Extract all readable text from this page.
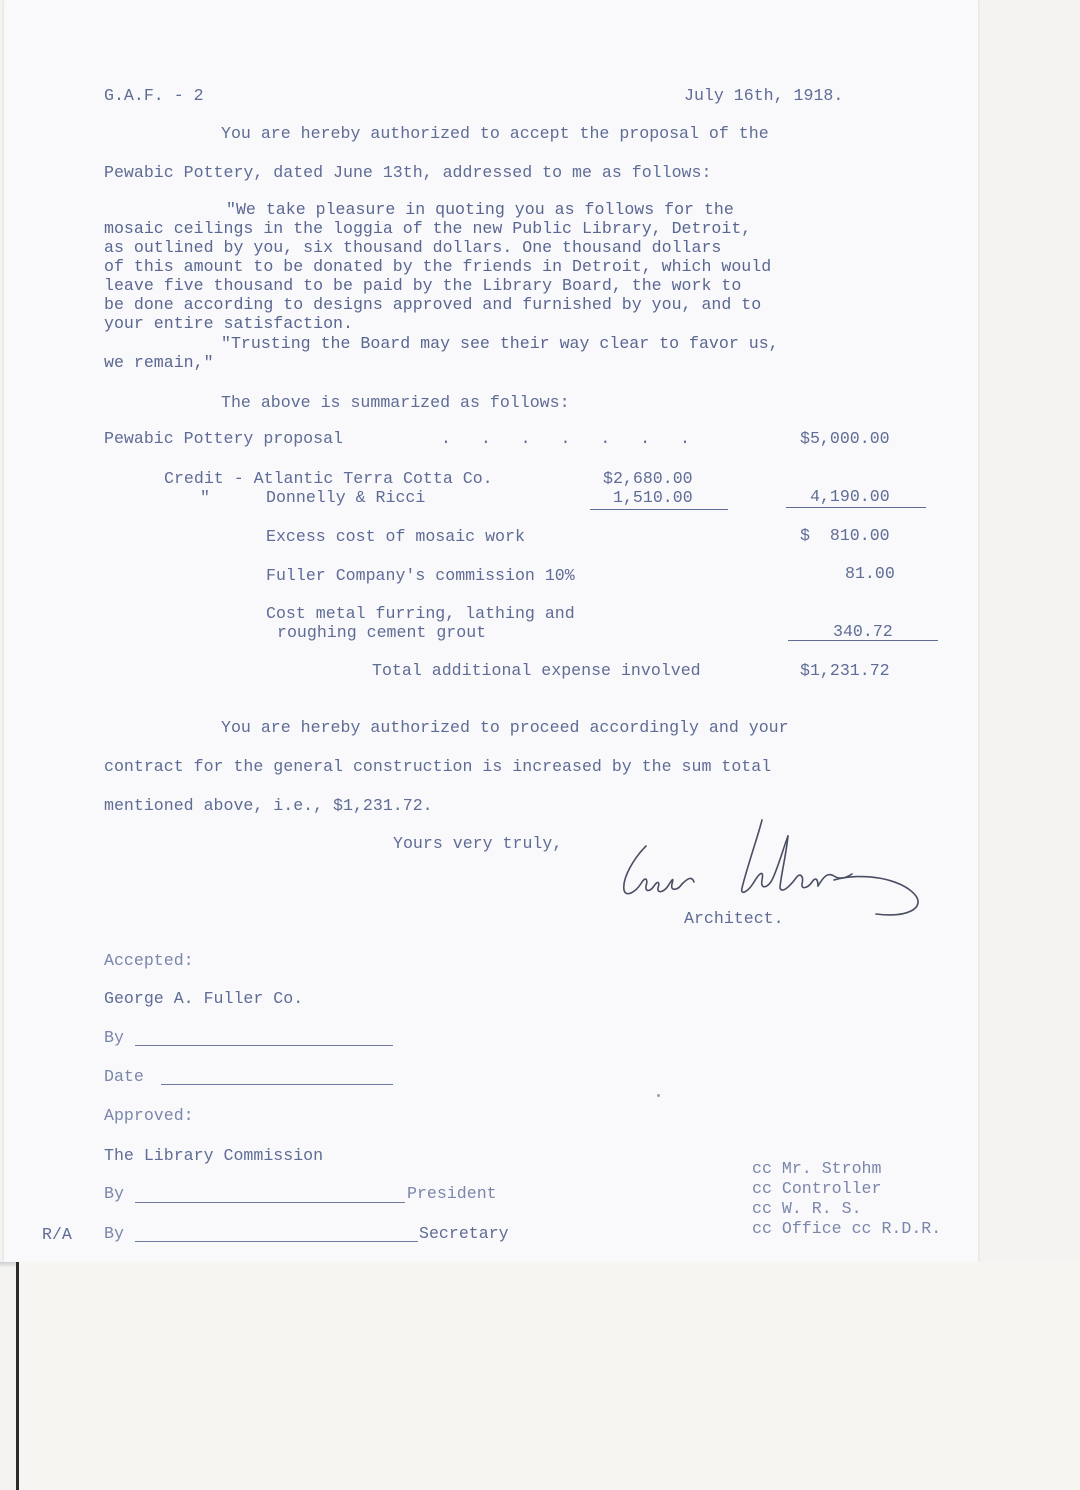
G.A.F. - 2	July 16th, 1918.

You are hereby authorized to accept the proposal of the

Pewabic Pottery, dated June 13th, addressed to me as follows:

"We take pleasure in quoting you as follows for the
mosaic ceilings in the loggia of the new Public Library, Detroit,
as outlined by you, six thousand dollars. One thousand dollars
of this amount to be donated by the friends in Detroit, which would
leave five thousand to be paid by the Library Board, the work to
be done according to designs approved and furnished by you, and to
your entire satisfaction.

"Trusting the Board may see their way clear to favor us,
we remain,"

The above is summarized as follows:

Pewabic Pottery proposal	.   .   .   .   .   .   .	$5,000.00

Credit - Atlantic Terra Cotta Co.	$2,680.00

"	Donnelly & Ricci	1,510.00	4,190.00

Excess cost of mosaic work	$  810.00

Fuller Company's commission 10%	81.00

Cost metal furring, lathing and

roughing cement grout	340.72

Total additional expense involved	$1,231.72

You are hereby authorized to proceed accordingly and your

contract for the general construction is increased by the sum total

mentioned above, i.e., $1,231.72.

Yours very truly,

Architect.

Accepted:

George A. Fuller Co.

By

Date

Approved:

The Library Commission

By	President

R/A By	Secretary

cc Mr. Strohm

cc Controller

cc W. R. S.

cc Office cc R.D.R.
